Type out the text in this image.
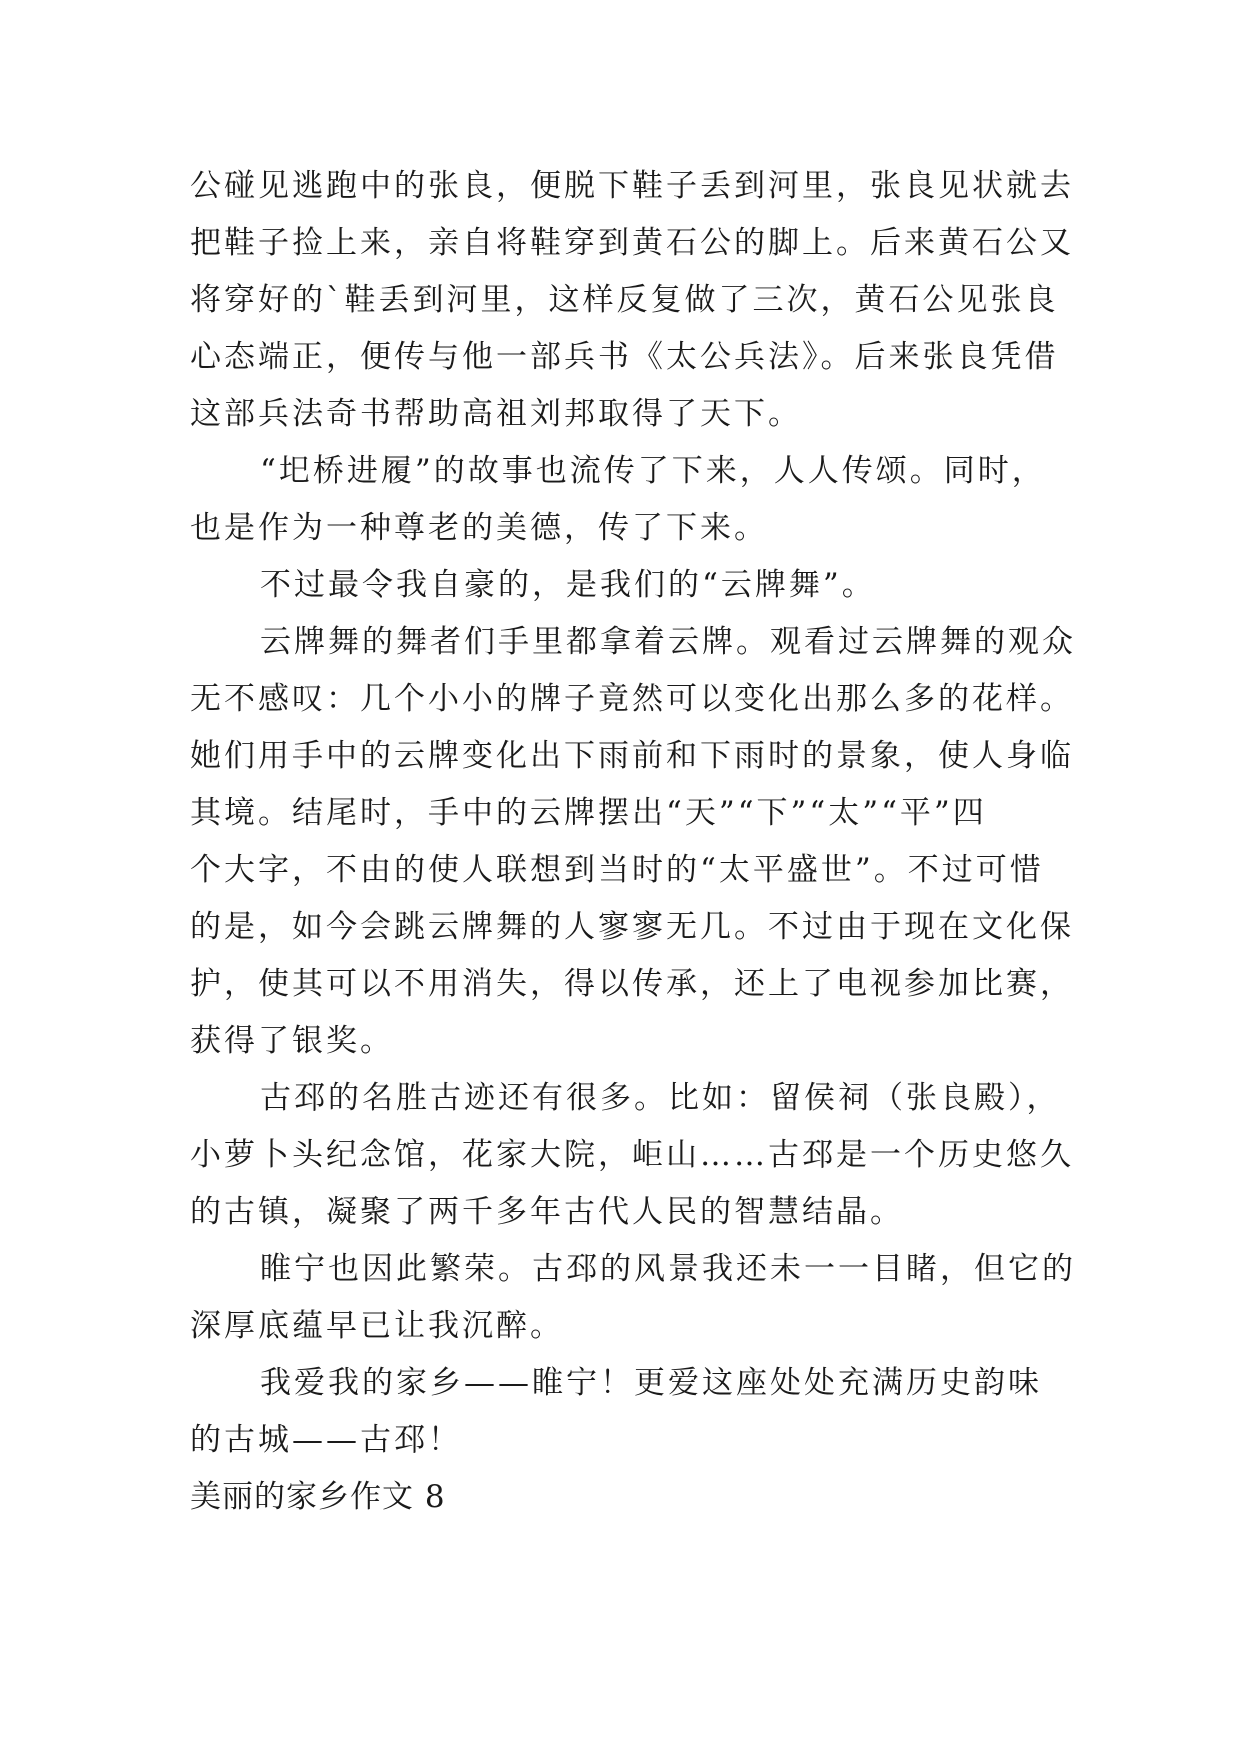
公碰见逃跑中的张良，便脱下鞋子丢到河里，张良见状就去
把鞋子捡上来，亲自将鞋穿到黄石公的脚上。后来黄石公又
将穿好的`鞋丢到河里，这样反复做了三次，黄石公见张良
心态端正，便传与他一部兵书《太公兵法》。后来张良凭借
这部兵法奇书帮助高祖刘邦取得了天下。
“圯桥进履”的故事也流传了下来，人人传颂。同时，
也是作为一种尊老的美德，传了下来。
不过最令我自豪的，是我们的“云牌舞”。
云牌舞的舞者们手里都拿着云牌。观看过云牌舞的观众
无不感叹：几个小小的牌子竟然可以变化出那么多的花样。
她们用手中的云牌变化出下雨前和下雨时的景象，使人身临
其境。结尾时，手中的云牌摆出“天”“下”“太”“平”四
个大字，不由的使人联想到当时的“太平盛世”。不过可惜
的是，如今会跳云牌舞的人寥寥无几。不过由于现在文化保
护，使其可以不用消失，得以传承，还上了电视参加比赛，
获得了银奖。
古邳的名胜古迹还有很多。比如：留侯祠（张良殿），
小萝卜头纪念馆，花家大院，岠山……古邳是一个历史悠久
的古镇，凝聚了两千多年古代人民的智慧结晶。
睢宁也因此繁荣。古邳的风景我还未一一目睹，但它的
深厚底蕴早已让我沉醉。
我爱我的家乡——睢宁！更爱这座处处充满历史韵味
的古城——古邳！
美丽的家乡作文 8
